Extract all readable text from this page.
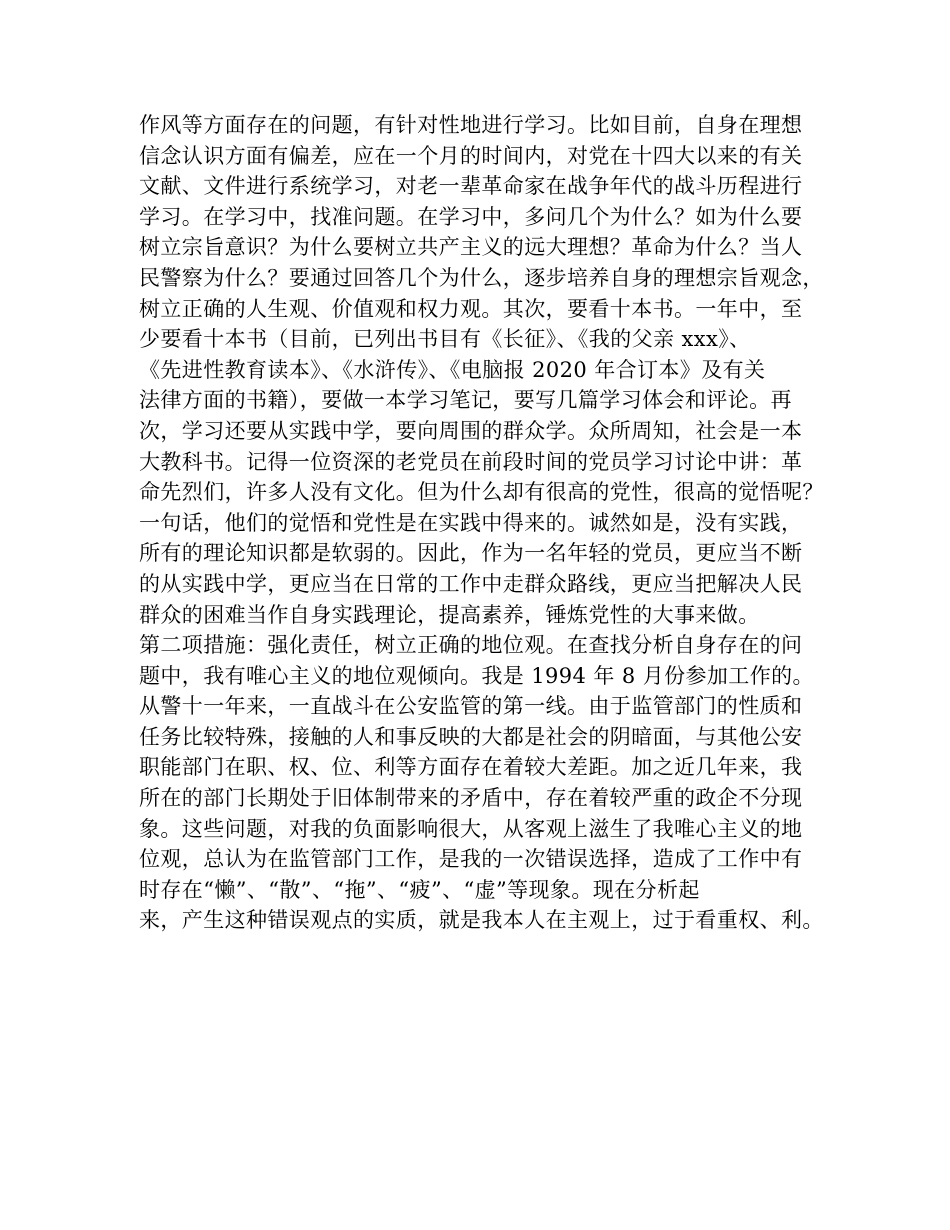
作风等方面存在的问题，有针对性地进行学习。比如目前，自身在理想
信念认识方面有偏差，应在一个月的时间内，对党在十四大以来的有关
文献、文件进行系统学习，对老一辈革命家在战争年代的战斗历程进行
学习。在学习中，找准问题。在学习中，多问几个为什么？如为什么要
树立宗旨意识？为什么要树立共产主义的远大理想？革命为什么？当人
民警察为什么？要通过回答几个为什么，逐步培养自身的理想宗旨观念，
树立正确的人生观、价值观和权力观。其次，要看十本书。一年中，至
少要看十本书（目前，已列出书目有《长征》、《我的父亲 xxx》、
《先进性教育读本》、《水浒传》、《电脑报 2020 年合订本》及有关
法律方面的书籍），要做一本学习笔记，要写几篇学习体会和评论。再
次，学习还要从实践中学，要向周围的群众学。众所周知，社会是一本
大教科书。记得一位资深的老党员在前段时间的党员学习讨论中讲：革
命先烈们，许多人没有文化。但为什么却有很高的党性，很高的觉悟呢？
一句话，他们的觉悟和党性是在实践中得来的。诚然如是，没有实践，
所有的理论知识都是软弱的。因此，作为一名年轻的党员，更应当不断
的从实践中学，更应当在日常的工作中走群众路线，更应当把解决人民
群众的困难当作自身实践理论，提高素养，锤炼党性的大事来做。
第二项措施：强化责任，树立正确的地位观。在查找分析自身存在的问
题中，我有唯心主义的地位观倾向。我是 1994 年 8 月份参加工作的。
从警十一年来，一直战斗在公安监管的第一线。由于监管部门的性质和
任务比较特殊，接触的人和事反映的大都是社会的阴暗面，与其他公安
职能部门在职、权、位、利等方面存在着较大差距。加之近几年来，我
所在的部门长期处于旧体制带来的矛盾中，存在着较严重的政企不分现
象。这些问题，对我的负面影响很大，从客观上滋生了我唯心主义的地
位观，总认为在监管部门工作，是我的一次错误选择，造成了工作中有
时存在“懒”、“散”、“拖”、“疲”、“虚”等现象。现在分析起
来，产生这种错误观点的实质，就是我本人在主观上，过于看重权、利。
